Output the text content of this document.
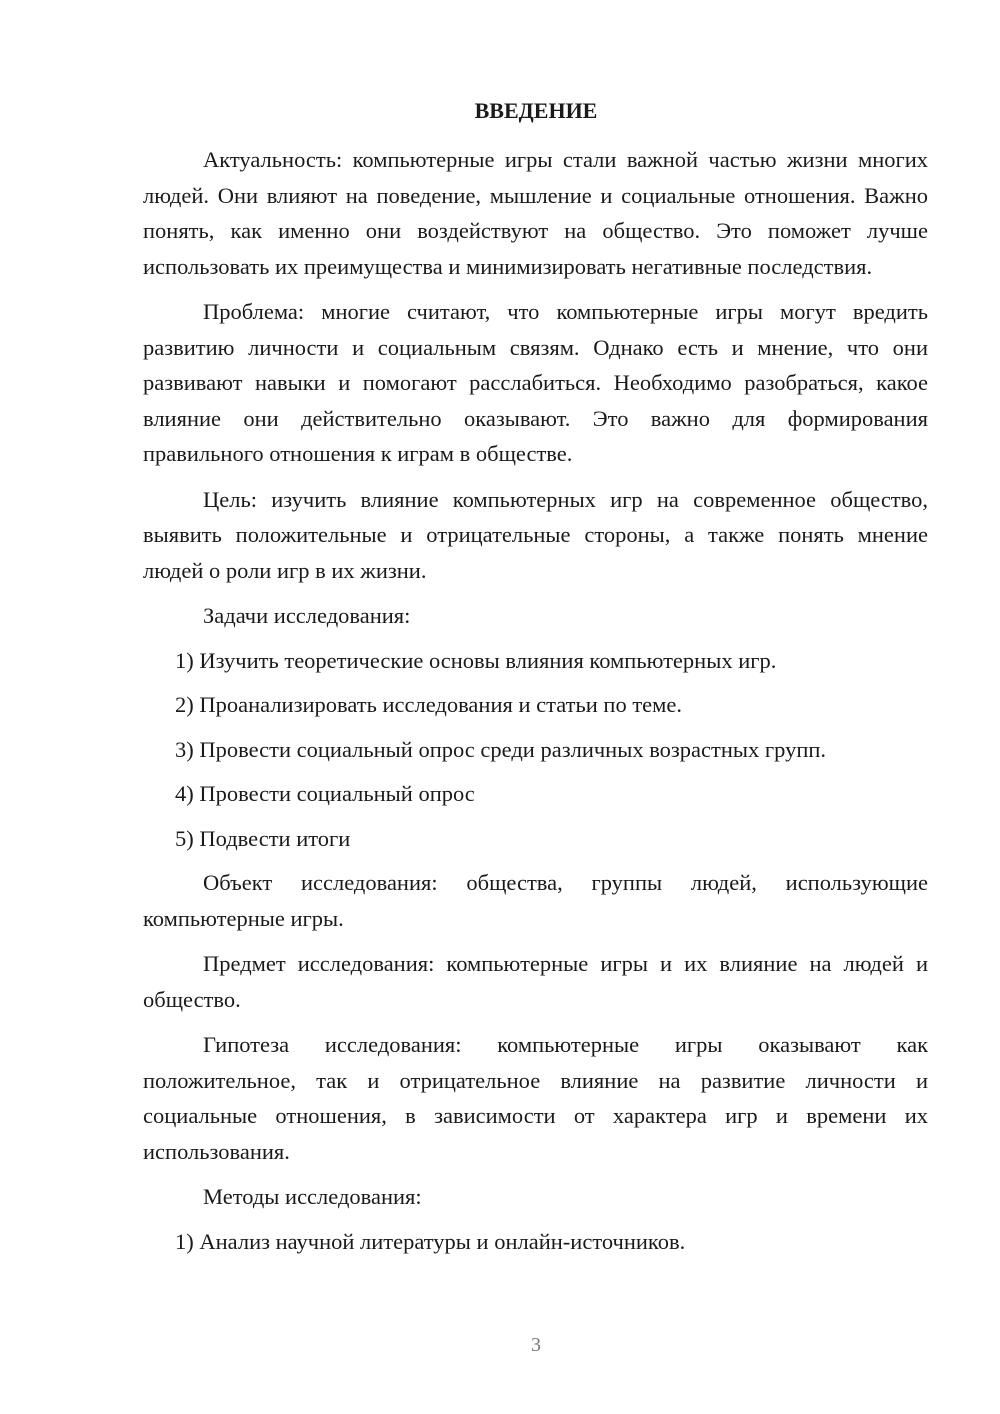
ВВЕДЕНИЕ

Актуальность: компьютерные игры стали важной частью жизни многих людей. Они влияют на поведение, мышление и социальные отношения. Важно понять, как именно они воздействуют на общество. Это поможет лучше использовать их преимущества и минимизировать негативные последствия.

Проблема: многие считают, что компьютерные игры могут вредить развитию личности и социальным связям. Однако есть и мнение, что они развивают навыки и помогают расслабиться. Необходимо разобраться, какое влияние они действительно оказывают. Это важно для формирования правильного отношения к играм в обществе.

Цель: изучить влияние компьютерных игр на современное общество, выявить положительные и отрицательные стороны, а также понять мнение людей о роли игр в их жизни.

Задачи исследования:

1) Изучить теоретические основы влияния компьютерных игр.

2) Проанализировать исследования и статьи по теме.

3) Провести социальный опрос среди различных возрастных групп.

4) Провести социальный опрос

5) Подвести итоги

Объект исследования: общества, группы людей, использующие компьютерные игры.

Предмет исследования: компьютерные игры и их влияние на людей и общество.

Гипотеза исследования: компьютерные игры оказывают как положительное, так и отрицательное влияние на развитие личности и социальные отношения, в зависимости от характера игр и времени их использования.

Методы исследования:

1) Анализ научной литературы и онлайн-источников.

3
